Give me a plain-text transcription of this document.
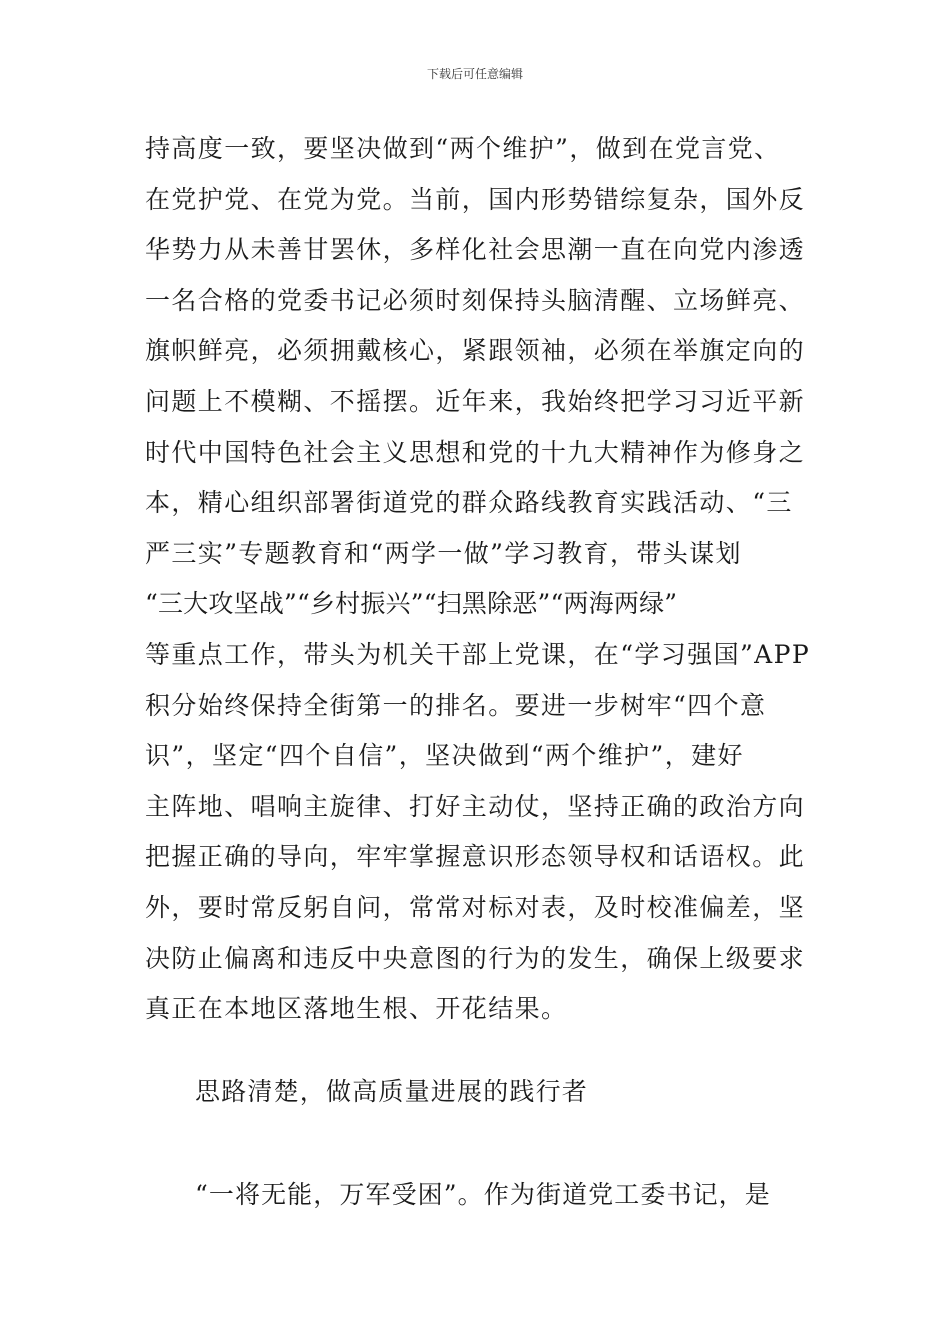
下载后可任意编辑
持高度一致，要坚决做到“两个维护”，做到在党言党、
在党护党、在党为党。当前，国内形势错综复杂，国外反
华势力从未善甘罢休，多样化社会思潮一直在向党内渗透
一名合格的党委书记必须时刻保持头脑清醒、立场鲜亮、
旗帜鲜亮，必须拥戴核心，紧跟领袖，必须在举旗定向的
问题上不模糊、不摇摆。近年来，我始终把学习习近平新
时代中国特色社会主义思想和党的十九大精神作为修身之
本，精心组织部署街道党的群众路线教育实践活动、“三
严三实”专题教育和“两学一做”学习教育，带头谋划
“三大攻坚战”“乡村振兴”“扫黑除恶”“两海两绿”
等重点工作，带头为机关干部上党课，在“学习强国”APP
积分始终保持全街第一的排名。要进一步树牢“四个意
识”，坚定“四个自信”，坚决做到“两个维护”，建好
主阵地、唱响主旋律、打好主动仗，坚持正确的政治方向
把握正确的导向，牢牢掌握意识形态领导权和话语权。此
外，要时常反躬自问，常常对标对表，及时校准偏差，坚
决防止偏离和违反中央意图的行为的发生，确保上级要求
真正在本地区落地生根、开花结果。
思路清楚，做高质量进展的践行者
“一将无能，万军受困”。作为街道党工委书记，是
